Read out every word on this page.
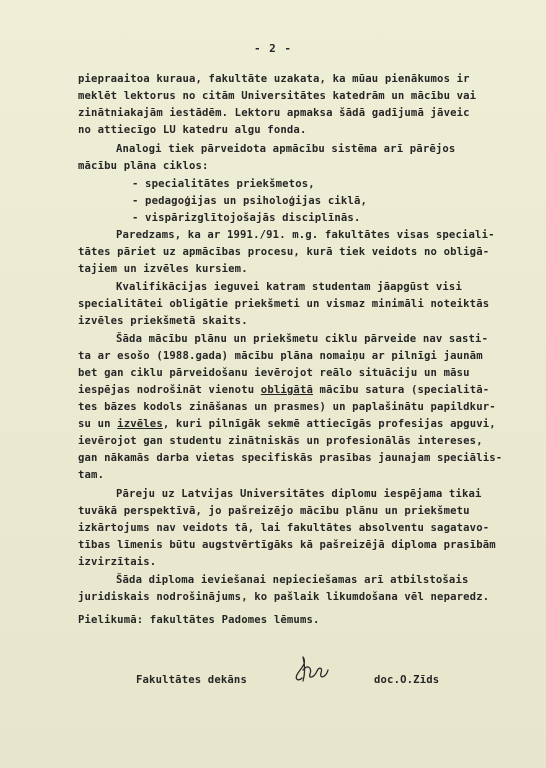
- 2 -
piepraaitoa kuraua, fakultāte uzakata, ka mūau pienākumos ir
meklēt lektorus no citām Universitātes katedrām un mācību vai
zinātniakajām iestādēm. Lektoru apmaksa šādā gadījumā jāveic
no attiecīgo LU katedru algu fonda.
Analogi tiek pārveidota apmācību sistēma arī pārējos
mācību plāna ciklos:
- specialitātes priekšmetos,
- pedagoģijas un psiholoģijas ciklā,
- vispārizglītojošajās disciplīnās.
Paredzams, ka ar 1991./91. m.g. fakultātes visas speciali-
tātes pāriet uz apmācības procesu, kurā tiek veidots no obligā-
tajiem un izvēles kursiem.
Kvalifikācijas ieguvei katram studentam jāapgūst visi
specialitātei obligātie priekšmeti un vismaz minimāli noteiktās
izvēles priekšmetā skaits.
Šāda mācību plānu un priekšmetu ciklu pārveide nav sasti-
ta ar esošo (1988.gada) mācību plāna nomaiņu ar pilnīgi jaunām
bet gan ciklu pārveidošanu ievērojot reālo situāciju un māsu
iespējas nodrošināt vienotu obligātā mācību satura (specialitā-
tes bāzes kodols zināšanas un prasmes) un paplašinātu papildkur-
su un izvēles, kuri pilnīgāk sekmē attiecīgās profesijas apguvi,
ievērojot gan studentu zinātniskās un profesionālās intereses,
gan nākamās darba vietas specifiskās prasības jaunajam speciālis-
tam.
Pāreju uz Latvijas Universitātes diplomu iespējama tikai
tuvākā perspektīvā, jo pašreizējo mācību plānu un priekšmetu
izkārtojums nav veidots tā, lai fakultātes absolventu sagatavo-
tības līmenis būtu augstvērtīgāks kā pašreizējā diploma prasībām
izvirzītais.
Šāda diploma ieviešanai nepieciešamas arī atbilstošais
juridiskais nodrošinājums, ko pašlaik likumdošana vēl neparedz.
Pielikumā: fakultātes Padomes lēmums.
Fakultātes dekāns	doc.O.Zīds
